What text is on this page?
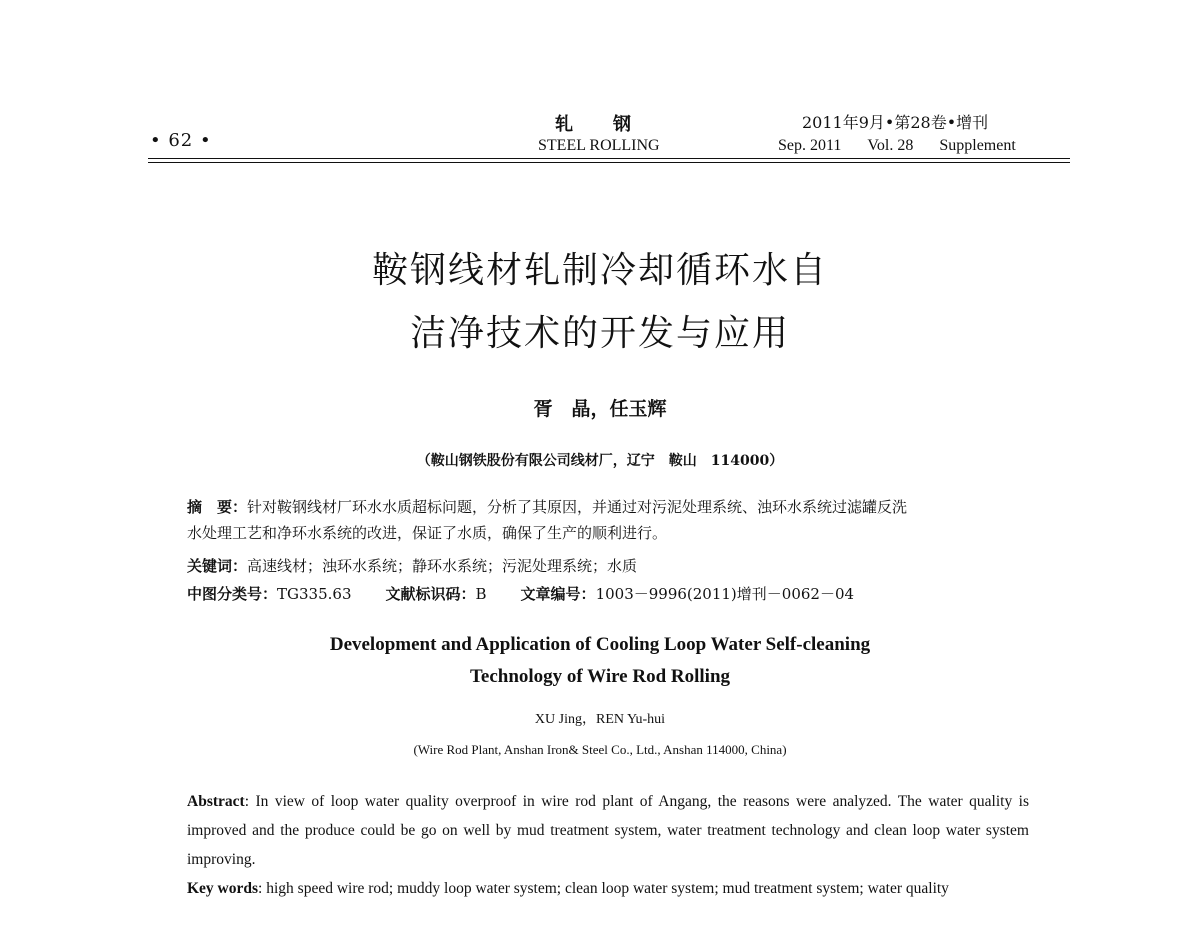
• 62 •
轧钢
STEEL ROLLING
2011年9月•第28卷•增刊
Sep. 2011 Vol. 28 Supplement
鞍钢线材轧制冷却循环水自
洁净技术的开发与应用
胥　晶，任玉辉
（鞍山钢铁股份有限公司线材厂，辽宁　鞍山　114000）
摘　要：针对鞍钢线材厂环水水质超标问题，分析了其原因，并通过对污泥处理系统、浊环水系统过滤罐反洗
水处理工艺和净环水系统的改进，保证了水质，确保了生产的顺利进行。
关键词：高速线材；浊环水系统；静环水系统；污泥处理系统；水质
中图分类号：TG335.63 文献标识码：B 文章编号：1003－9996(2011)增刊－0062－04
Development and Application of Cooling Loop Water Self-cleaning
Technology of Wire Rod Rolling
XU Jing，REN Yu-hui
(Wire Rod Plant, Anshan Iron& Steel Co., Ltd., Anshan 114000, China)
Abstract: In view of loop water quality overproof in wire rod plant of Angang, the reasons were analyzed. The water quality is improved and the produce could be go on well by mud treatment system, water treatment technology and clean loop water system improving.
Key words: high speed wire rod; muddy loop water system; clean loop water system; mud treatment system; water quality
